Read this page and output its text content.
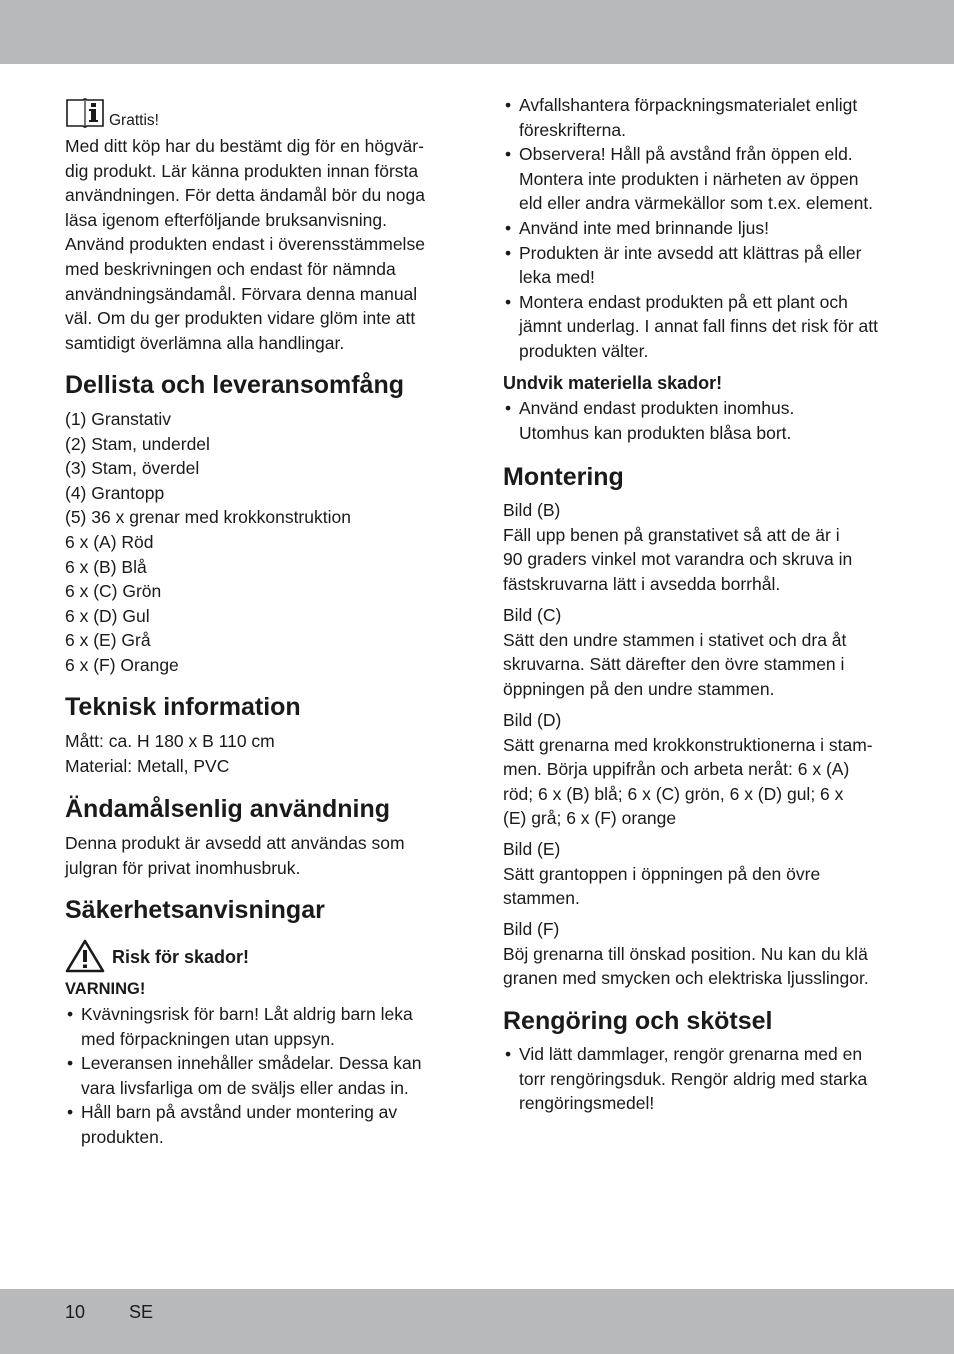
Grattis!
Med ditt köp har du bestämt dig för en högvär-
dig produkt. Lär känna produkten innan första
användningen. För detta ändamål bör du noga
läsa igenom efterföljande bruksanvisning.
Använd produkten endast i överensstämmelse
med beskrivningen och endast för nämnda
användningsändamål. Förvara denna manual
väl. Om du ger produkten vidare glöm inte att
samtidigt överlämna alla handlingar.
Dellista och leveransomfång
(1) Granstativ
(2) Stam, underdel
(3) Stam, överdel
(4) Grantopp
(5) 36 x grenar med krokkonstruktion
6 x (A) Röd
6 x (B) Blå
6 x (C) Grön
6 x (D) Gul
6 x (E) Grå
6 x (F) Orange
Teknisk information
Mått: ca. H 180 x B 110 cm
Material: Metall, PVC
Ändamålsenlig användning
Denna produkt är avsedd att användas som
julgran för privat inomhusbruk.
Säkerhetsanvisningar
Risk för skador!
VARNING!
• Kvävningsrisk för barn! Låt aldrig barn leka
med förpackningen utan uppsyn.
• Leveransen innehåller smådelar. Dessa kan
vara livsfarliga om de sväljs eller andas in.
• Håll barn på avstånd under montering av
produkten.
• Avfallshantera förpackningsmaterialet enligt
föreskrifterna.
• Observera! Håll på avstånd från öppen eld.
Montera inte produkten i närheten av öppen
eld eller andra värmekällor som t.ex. element.
• Använd inte med brinnande ljus!
• Produkten är inte avsedd att klättras på eller
leka med!
• Montera endast produkten på ett plant och
jämnt underlag. I annat fall finns det risk för att
produkten välter.
Undvik materiella skador!
• Använd endast produkten inomhus.
Utomhus kan produkten blåsa bort.
Montering
Bild (B)
Fäll upp benen på granstativet så att de är i
90 graders vinkel mot varandra och skruva in
fästskruvarna lätt i avsedda borrhål.
Bild (C)
Sätt den undre stammen i stativet och dra åt
skruvarna. Sätt därefter den övre stammen i
öppningen på den undre stammen.
Bild (D)
Sätt grenarna med krokkonstruktionerna i stam-
men. Börja uppifrån och arbeta neråt: 6 x (A)
röd; 6 x (B) blå; 6 x (C) grön, 6 x (D) gul; 6 x
(E) grå; 6 x (F) orange
Bild (E)
Sätt grantoppen i öppningen på den övre
stammen.
Bild (F)
Böj grenarna till önskad position. Nu kan du klä
granen med smycken och elektriska ljusslingor.
Rengöring och skötsel
• Vid lätt dammlager, rengör grenarna med en
torr rengöringsduk. Rengör aldrig med starka
rengöringsmedel!
10 SE
